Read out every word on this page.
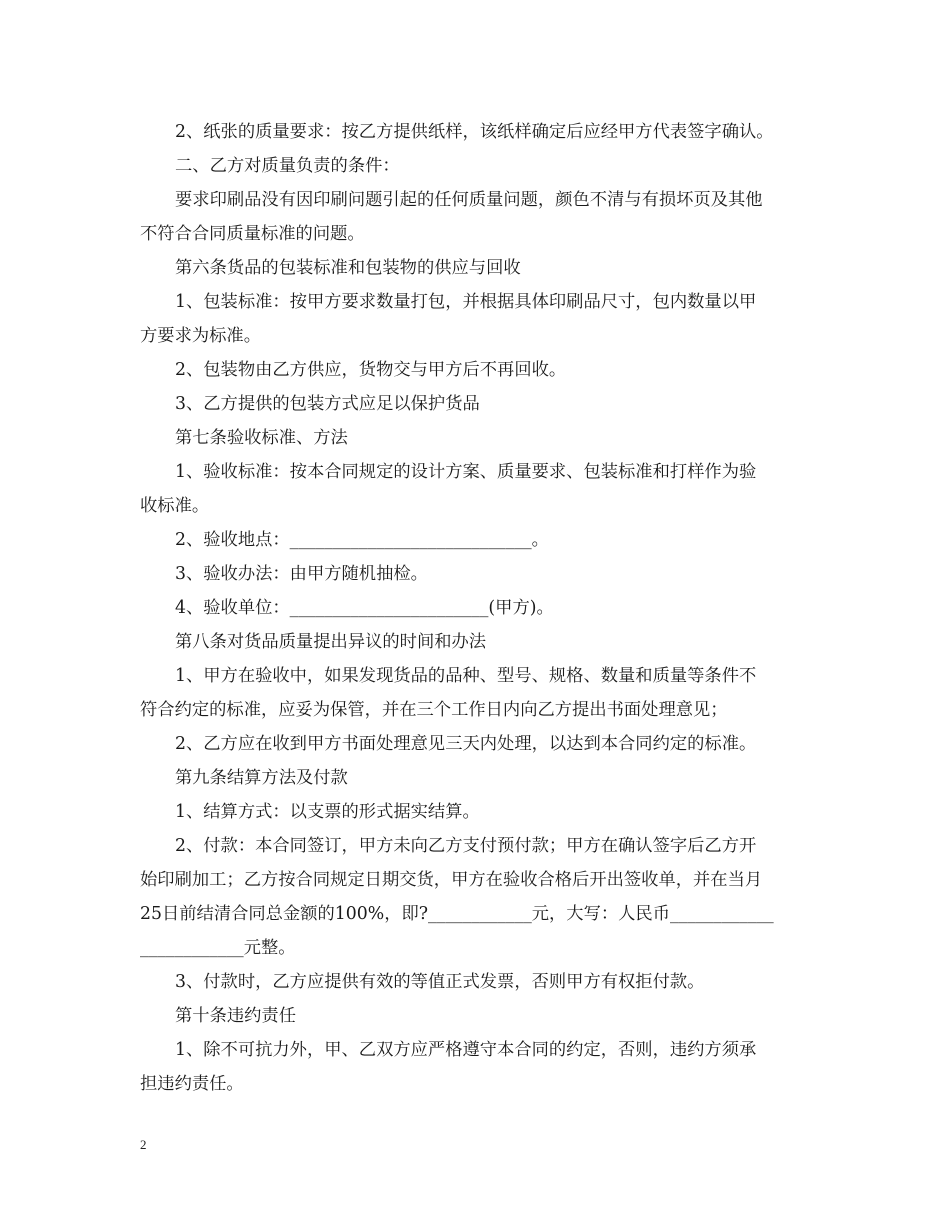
2、纸张的质量要求：按乙方提供纸样，该纸样确定后应经甲方代表签字确认。
二、乙方对质量负责的条件：
要求印刷品没有因印刷问题引起的任何质量问题，颜色不清与有损坏页及其他
不符合合同质量标准的问题。
第六条货品的包装标准和包装物的供应与回收
1、包装标准：按甲方要求数量打包，并根据具体印刷品尺寸，包内数量以甲
方要求为标准。
2、包装物由乙方供应，货物交与甲方后不再回收。
3、乙方提供的包装方式应足以保护货品
第七条验收标准、方法
1、验收标准：按本合同规定的设计方案、质量要求、包装标准和打样作为验
收标准。
2、验收地点：____________________________。
3、验收办法：由甲方随机抽检。
4、验收单位：_______________________(甲方)。
第八条对货品质量提出异议的时间和办法
1、甲方在验收中，如果发现货品的品种、型号、规格、数量和质量等条件不
符合约定的标准，应妥为保管，并在三个工作日内向乙方提出书面处理意见；
2、乙方应在收到甲方书面处理意见三天内处理，以达到本合同约定的标准。
第九条结算方法及付款
1、结算方式：以支票的形式据实结算。
2、付款：本合同签订，甲方未向乙方支付预付款；甲方在确认签字后乙方开
始印刷加工；乙方按合同规定日期交货，甲方在验收合格后开出签收单，并在当月
25日前结清合同总金额的100%，即?____________元，大写：人民币____________
____________元整。
3、付款时，乙方应提供有效的等值正式发票，否则甲方有权拒付款。
第十条违约责任
1、除不可抗力外，甲、乙双方应严格遵守本合同的约定，否则，违约方须承
担违约责任。
2
